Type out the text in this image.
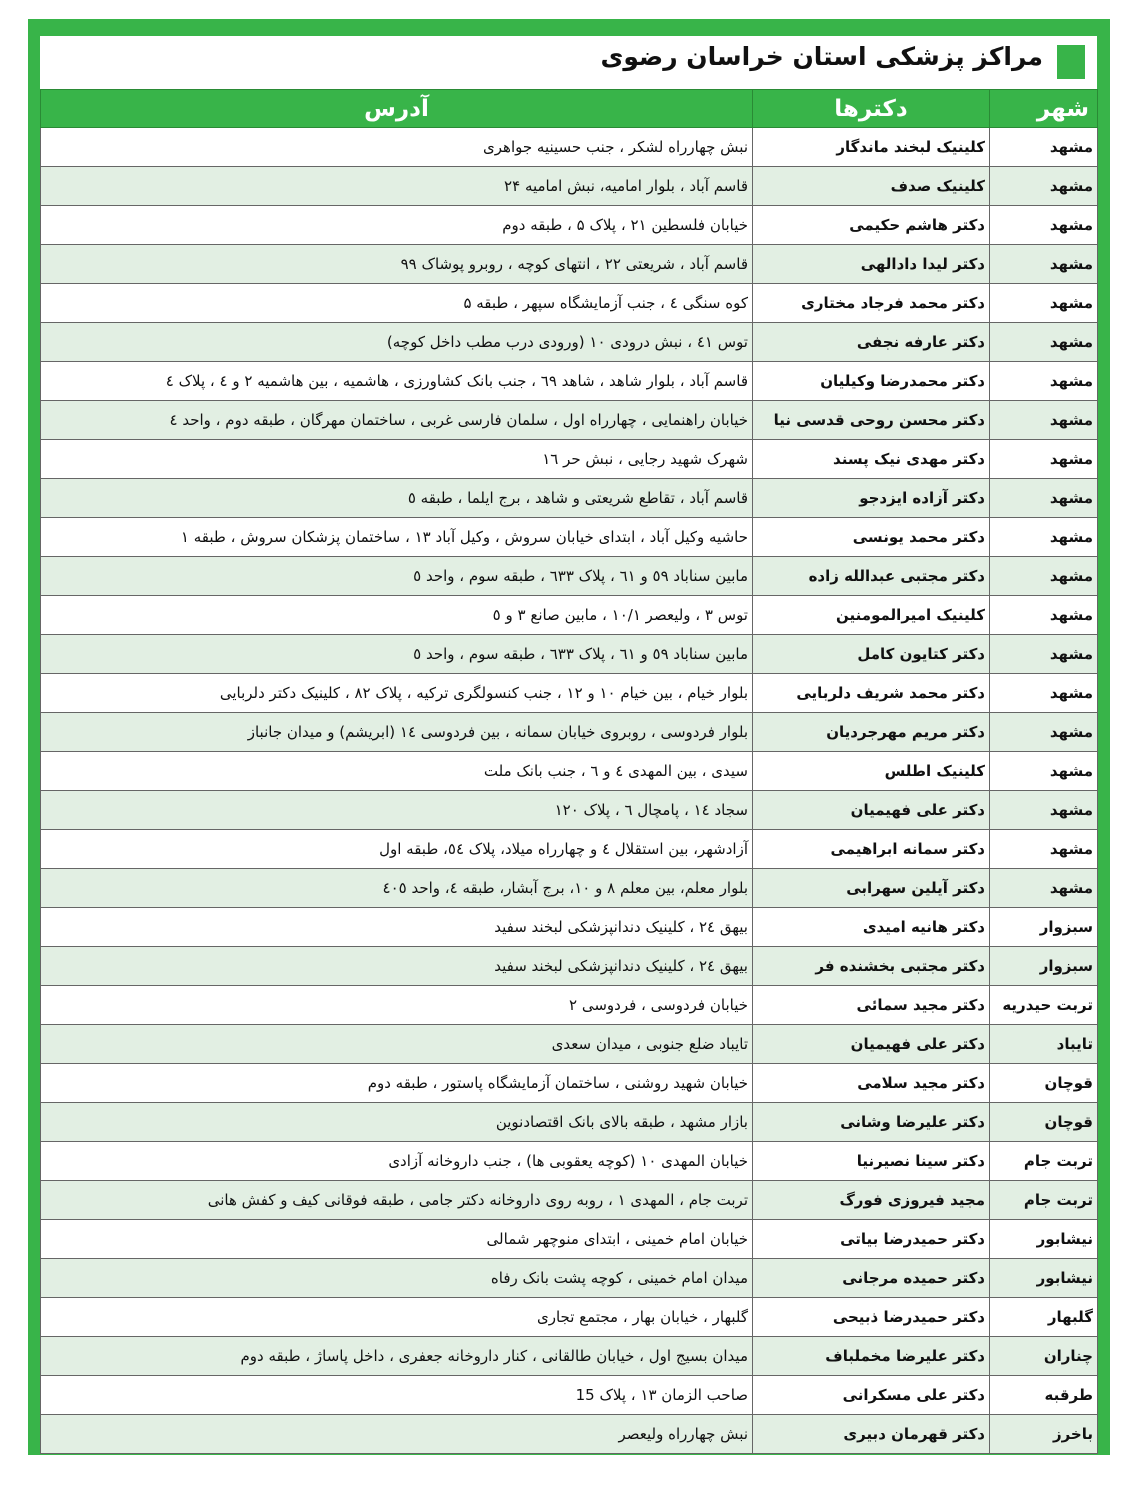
مراکز پزشکی استان خراسان رضوی
شهر	دکترها	آدرس
مشهد	کلینیک لبخند ماندگار	نبش چهارراه لشکر ، جنب حسینیه جواهری
مشهد	کلینیک صدف	قاسم آباد ، بلوار امامیه، نبش امامیه ۲۴
مشهد	دکتر هاشم حکیمی	خیابان فلسطین ۲۱ ، پلاک ۵ ، طبقه دوم
مشهد	دکتر لیدا دادالهی	قاسم آباد ، شریعتی ۲۲ ، انتهای کوچه ، روبرو پوشاک ۹۹
مشهد	دکتر محمد فرجاد مختاری	کوه سنگی ٤ ، جنب آزمایشگاه سپهر ، طبقه ۵
مشهد	دکتر عارفه نجفی	توس ٤١ ، نبش درودی ١٠ (ورودی درب مطب داخل کوچه)
مشهد	دکتر محمدرضا وکیلیان	قاسم آباد ، بلوار شاهد ، شاهد ٦٩ ، جنب بانک کشاورزی ، هاشمیه ، بین هاشمیه ۲ و ٤ ، پلاک ٤
مشهد	دکتر محسن روحی قدسی نیا	خیابان راهنمایی ، چهارراه اول ، سلمان فارسی غربی ، ساختمان مهرگان ، طبقه دوم ، واحد ٤
مشهد	دکتر مهدی نیک پسند	شهرک شهید رجایی ، نبش حر ١٦
مشهد	دکتر آزاده ایزدجو	قاسم آباد ، تقاطع شریعتی و شاهد ، برج ایلما ، طبقه ٥
مشهد	دکتر محمد یونسی	حاشیه وکیل آباد ، ابتدای خیابان سروش ، وکیل آباد ١٣ ، ساختمان پزشکان سروش ، طبقه ١
مشهد	دکتر مجتبی عبدالله زاده	مابین سناباد ٥٩ و ٦١ ، پلاک ٦٣٣ ، طبقه سوم ، واحد ٥
مشهد	کلینیک امیرالمومنین	توس ٣ ، ولیعصر ١٠/١ ، مابین صانع ٣ و ٥
مشهد	دکتر کتایون کامل	مابین سناباد ٥٩ و ٦١ ، پلاک ٦٣٣ ، طبقه سوم ، واحد ٥
مشهد	دکتر محمد شریف دلربایی	بلوار خیام ، بین خیام ١٠ و ١٢ ، جنب کنسولگری ترکیه ، پلاک ٨٢ ، کلینیک دکتر دلربایی
مشهد	دکتر مریم مهرجردیان	بلوار فردوسی ، روبروی خیابان سمانه ، بین فردوسی ١٤ (ابریشم) و میدان جانباز
مشهد	کلینیک اطلس	سیدی ، بین المهدی ٤ و ٦ ، جنب بانک ملت
مشهد	دکتر علی فهیمیان	سجاد ١٤ ، پامچال ٦ ، پلاک ١٢٠
مشهد	دکتر سمانه ابراهیمی	آزادشهر، بین استقلال ٤ و چهارراه میلاد، پلاک ٥٤، طبقه اول
مشهد	دکتر آیلین سهرابی	بلوار معلم، بین معلم ٨ و ١٠، برج آبشار، طبقه ٤، واحد ٤٠٥
سبزوار	دکتر هانیه امیدی	بیهق ٢٤ ، کلینیک دندانپزشکی لبخند سفید
سبزوار	دکتر مجتبی بخشنده فر	بیهق ٢٤ ، کلینیک دندانپزشکی لبخند سفید
تربت حیدریه	دکتر مجید سمائی	خیابان فردوسی ، فردوسی ٢
تایباد	دکتر علی فهیمیان	تایباد ضلع جنوبی ، میدان سعدی
قوچان	دکتر مجید سلامی	خیابان شهید روشنی ، ساختمان آزمایشگاه پاستور ، طبقه دوم
قوچان	دکتر علیرضا وشانی	بازار مشهد ، طبقه بالای بانک اقتصادنوین
تربت جام	دکتر سینا نصیرنیا	خیابان المهدی ١٠ (کوچه یعقوبی ها) ، جنب داروخانه آزادی
تربت جام	مجید فیروزی فورگ	تربت جام ، المهدی ١ ، روبه روی داروخانه دکتر جامی ، طبقه فوقانی کیف و کفش هانی
نیشابور	دکتر حمیدرضا بیاتی	خیابان امام خمینی ، ابتدای منوچهر شمالی
نیشابور	دکتر حمیده مرجانی	میدان امام خمینی ، کوچه پشت بانک رفاه
گلبهار	دکتر حمیدرضا ذبیحی	گلبهار ، خیابان بهار ، مجتمع تجاری
چناران	دکتر علیرضا مخملباف	میدان بسیج اول ، خیابان طالقانی ، کنار داروخانه جعفری ، داخل پاساژ ، طبقه دوم
طرقبه	دکتر علی مسکرانی	صاحب الزمان ١٣ ، پلاک 15
باخرز	دکتر قهرمان دبیری	نبش چهارراه ولیعصر
